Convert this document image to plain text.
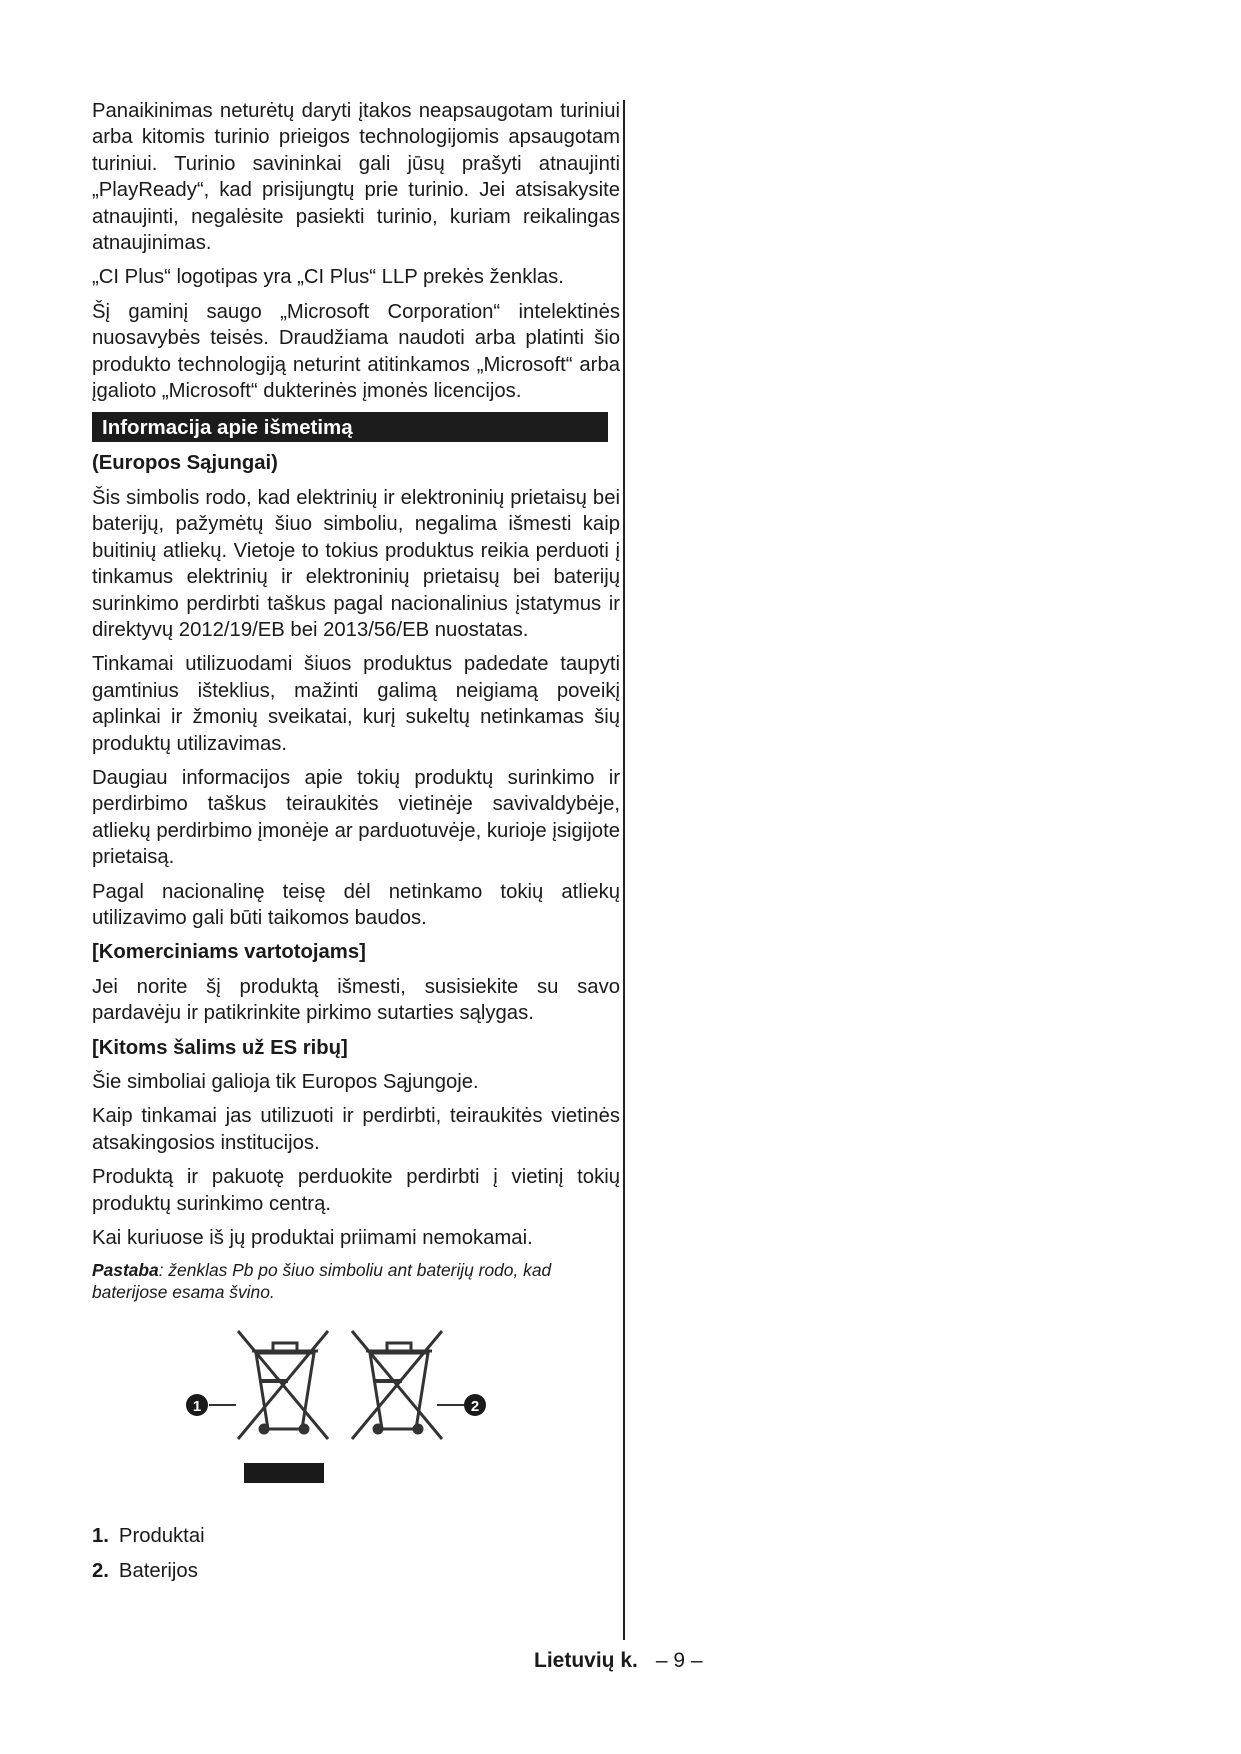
Panaikinimas neturėtų daryti įtakos neapsaugotam turiniui arba kitomis turinio prieigos technologijomis apsaugotam turiniui. Turinio savininkai gali jūsų prašyti atnaujinti „PlayReady“, kad prisijungtų prie turinio. Jei atsisakysite atnaujinti, negalėsite pasiekti turinio, kuriam reikalingas atnaujinimas.

„CI Plus“ logotipas yra „CI Plus“ LLP prekės ženklas.

Šį gaminį saugo „Microsoft Corporation“ intelektinės nuosavybės teisės. Draudžiama naudoti arba platinti šio produkto technologiją neturint atitinkamos „Microsoft“ arba įgalioto „Microsoft“ dukterinės įmonės licencijos.

Informacija apie išmetimą
(Europos Sąjungai)

Šis simbolis rodo, kad elektrinių ir elektroninių prietaisų bei baterijų, pažymėtų šiuo simboliu, negalima išmesti kaip buitinių atliekų. Vietoje to tokius produktus reikia perduoti į tinkamus elektrinių ir elektroninių prietaisų bei baterijų surinkimo perdirbti taškus pagal nacionalinius įstatymus ir direktyvų 2012/19/EB bei 2013/56/EB nuostatas.

Tinkamai utilizuodami šiuos produktus padedate taupyti gamtinius išteklius, mažinti galimą neigiamą poveikį aplinkai ir žmonių sveikatai, kurį sukeltų netinkamas šių produktų utilizavimas.

Daugiau informacijos apie tokių produktų surinkimo ir perdirbimo taškus teiraukitės vietinėje savivaldybėje, atliekų perdirbimo įmonėje ar parduotuvėje, kurioje įsigijote prietaisą.

Pagal nacionalinę teisę dėl netinkamo tokių atliekų utilizavimo gali būti taikomos baudos.

[Komerciniams vartotojams]

Jei norite šį produktą išmesti, susisiekite su savo pardavėju ir patikrinkite pirkimo sutarties sąlygas.

[Kitoms šalims už ES ribų]

Šie simboliai galioja tik Europos Sąjungoje.

Kaip tinkamai jas utilizuoti ir perdirbti, teiraukitės vietinės atsakingosios institucijos.

Produktą ir pakuotę perduokite perdirbti į vietinį tokių produktų surinkimo centrą.

Kai kuriuose iš jų produktai priimami nemokamai.

Pastaba: ženklas Pb po šiuo simboliu ant baterijų rodo, kad baterijose esama švino.
1	2
1. Produktai
2. Baterijos
Lietuvių k. – 9 –
